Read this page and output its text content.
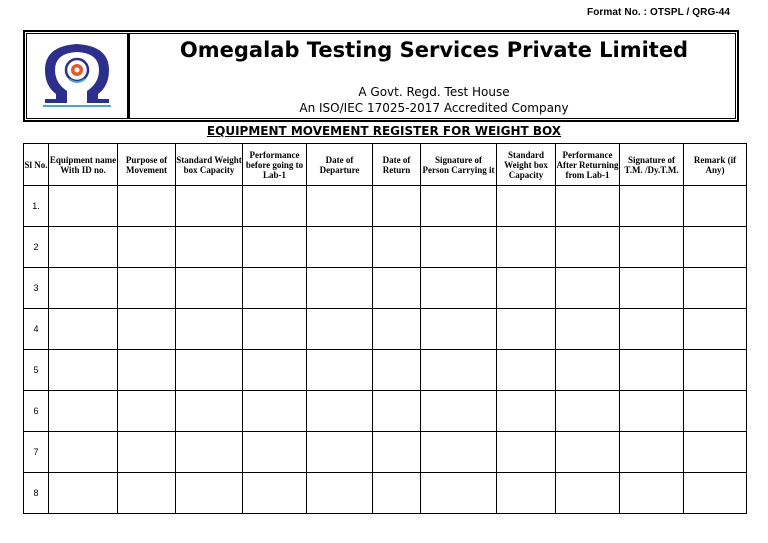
Format No. : OTSPL / QRG-44
Omegalab Testing Services Private Limited
A Govt. Regd. Test House
An ISO/IEC 17025-2017 Accredited Company
EQUIPMENT MOVEMENT REGISTER FOR WEIGHT BOX
Sl No.	Equipment name With ID no.	Purpose of Movement	Standard Weight box Capacity	Performance before going to Lab-1	Date of Departure	Date of Return	Signature of Person Carrying it	Standard Weight box Capacity	Performance After Returning from Lab-1	Signature of T.M. /Dy.T.M.	Remark (if Any)
1.											
2											
3											
4											
5											
6											
7											
8											
